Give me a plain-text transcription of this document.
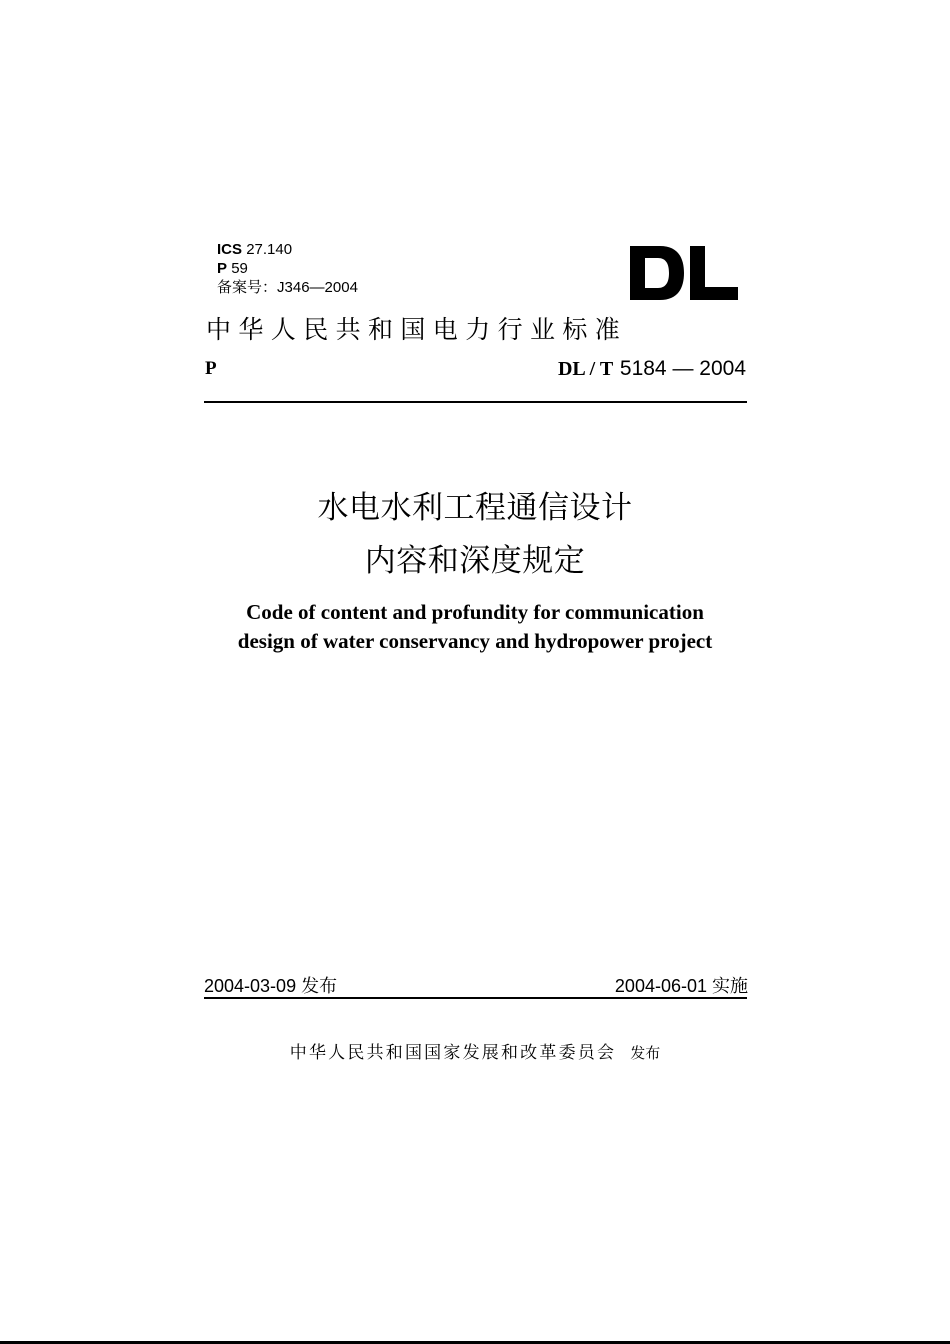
ICS 27.140
P 59
备案号：J346—2004
中华人民共和国电力行业标准
P	DL / T 5184 — 2004
水电水利工程通信设计
内容和深度规定
Code of content and profundity for communication
design of water conservancy and hydropower project
2004-03-09 发布	2004-06-01 实施
中华人民共和国国家发展和改革委员会 发布
